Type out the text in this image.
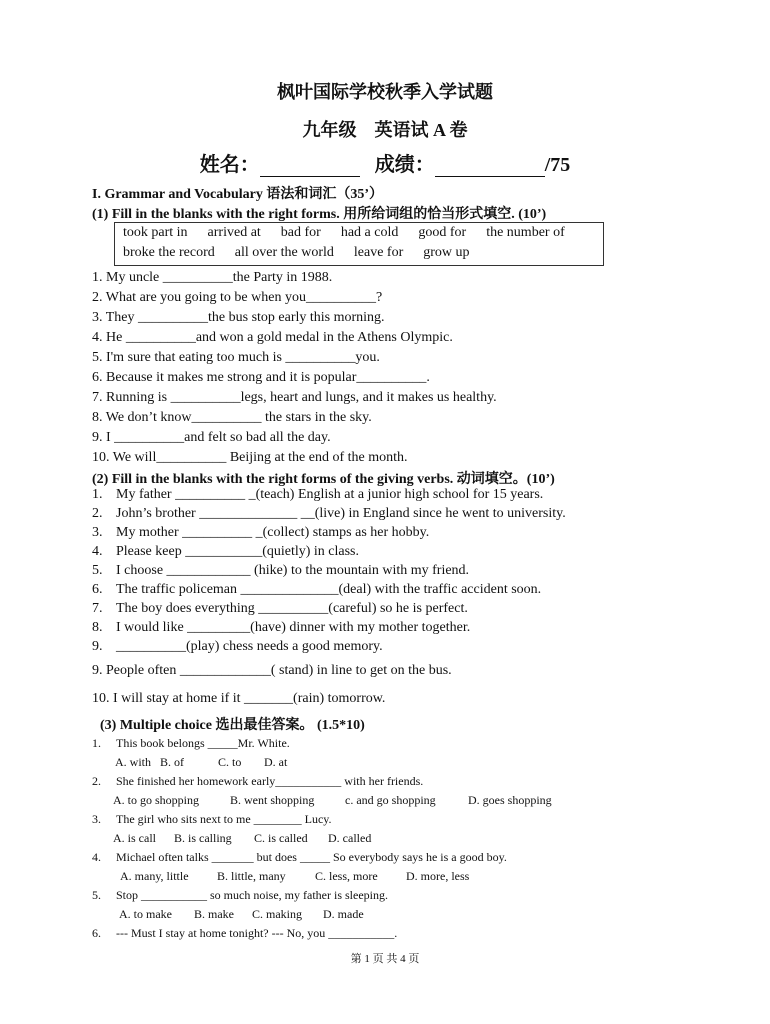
枫叶国际学校秋季入学试题
九年级　英语试 A 卷
姓名：	成绩：	/75
I. Grammar and Vocabulary 语法和词汇（35’）
(1) Fill in the blanks with the right forms. 用所给词组的恰当形式填空. (10’)
took part in arrived at bad for had a cold good for the number of
broke the record all over the world leave for grow up
1. My uncle __________the Party in 1988.
2. What are you going to be when you__________?
3. They __________the bus stop early this morning.
4. He __________and won a gold medal in the Athens Olympic.
5. I'm sure that eating too much is __________you.
6. Because it makes me strong and it is popular__________.
7. Running is __________legs, heart and lungs, and it makes us healthy.
8. We don’t know__________ the stars in the sky.
9. I __________and felt so bad all the day.
10. We will__________ Beijing at the end of the month.
(2) Fill in the blanks with the right forms of the giving verbs. 动词填空。(10’)
1. My father __________ _(teach) English at a junior high school for 15 years.
2. John’s brother ______________ __(live) in England since he went to university.
3. My mother __________ _(collect) stamps as her hobby.
4. Please keep ___________(quietly) in class.
5. I choose ____________ (hike) to the mountain with my friend.
6. The traffic policeman ______________(deal) with the traffic accident soon.
7. The boy does everything __________(careful) so he is perfect.
8. I would like _________(have) dinner with my mother together.
9. __________(play) chess needs a good memory.
9. People often _____________( stand) in line to get on the bus.
10. I will stay at home if it _______(rain) tomorrow.
(3) Multiple choice 选出最佳答案。 (1.5*10)
1. This book belongs _____Mr. White.
A. with B. of	C. to D. at
2. She finished her homework early___________ with her friends.
A. to go shopping	B. went shopping	c. and go shopping	D. goes shopping
3. The girl who sits next to me ________ Lucy.
A. is call B. is calling C. is called D. called
4. Michael often talks _______ but does _____ So everybody says he is a good boy.
A. many, little B. little, many C. less, more D. more, less
5. Stop ___________ so much noise, my father is sleeping.
A. to make B. make C. making D. made
6. --- Must I stay at home tonight? --- No, you ___________.
第 1 页 共 4 页
